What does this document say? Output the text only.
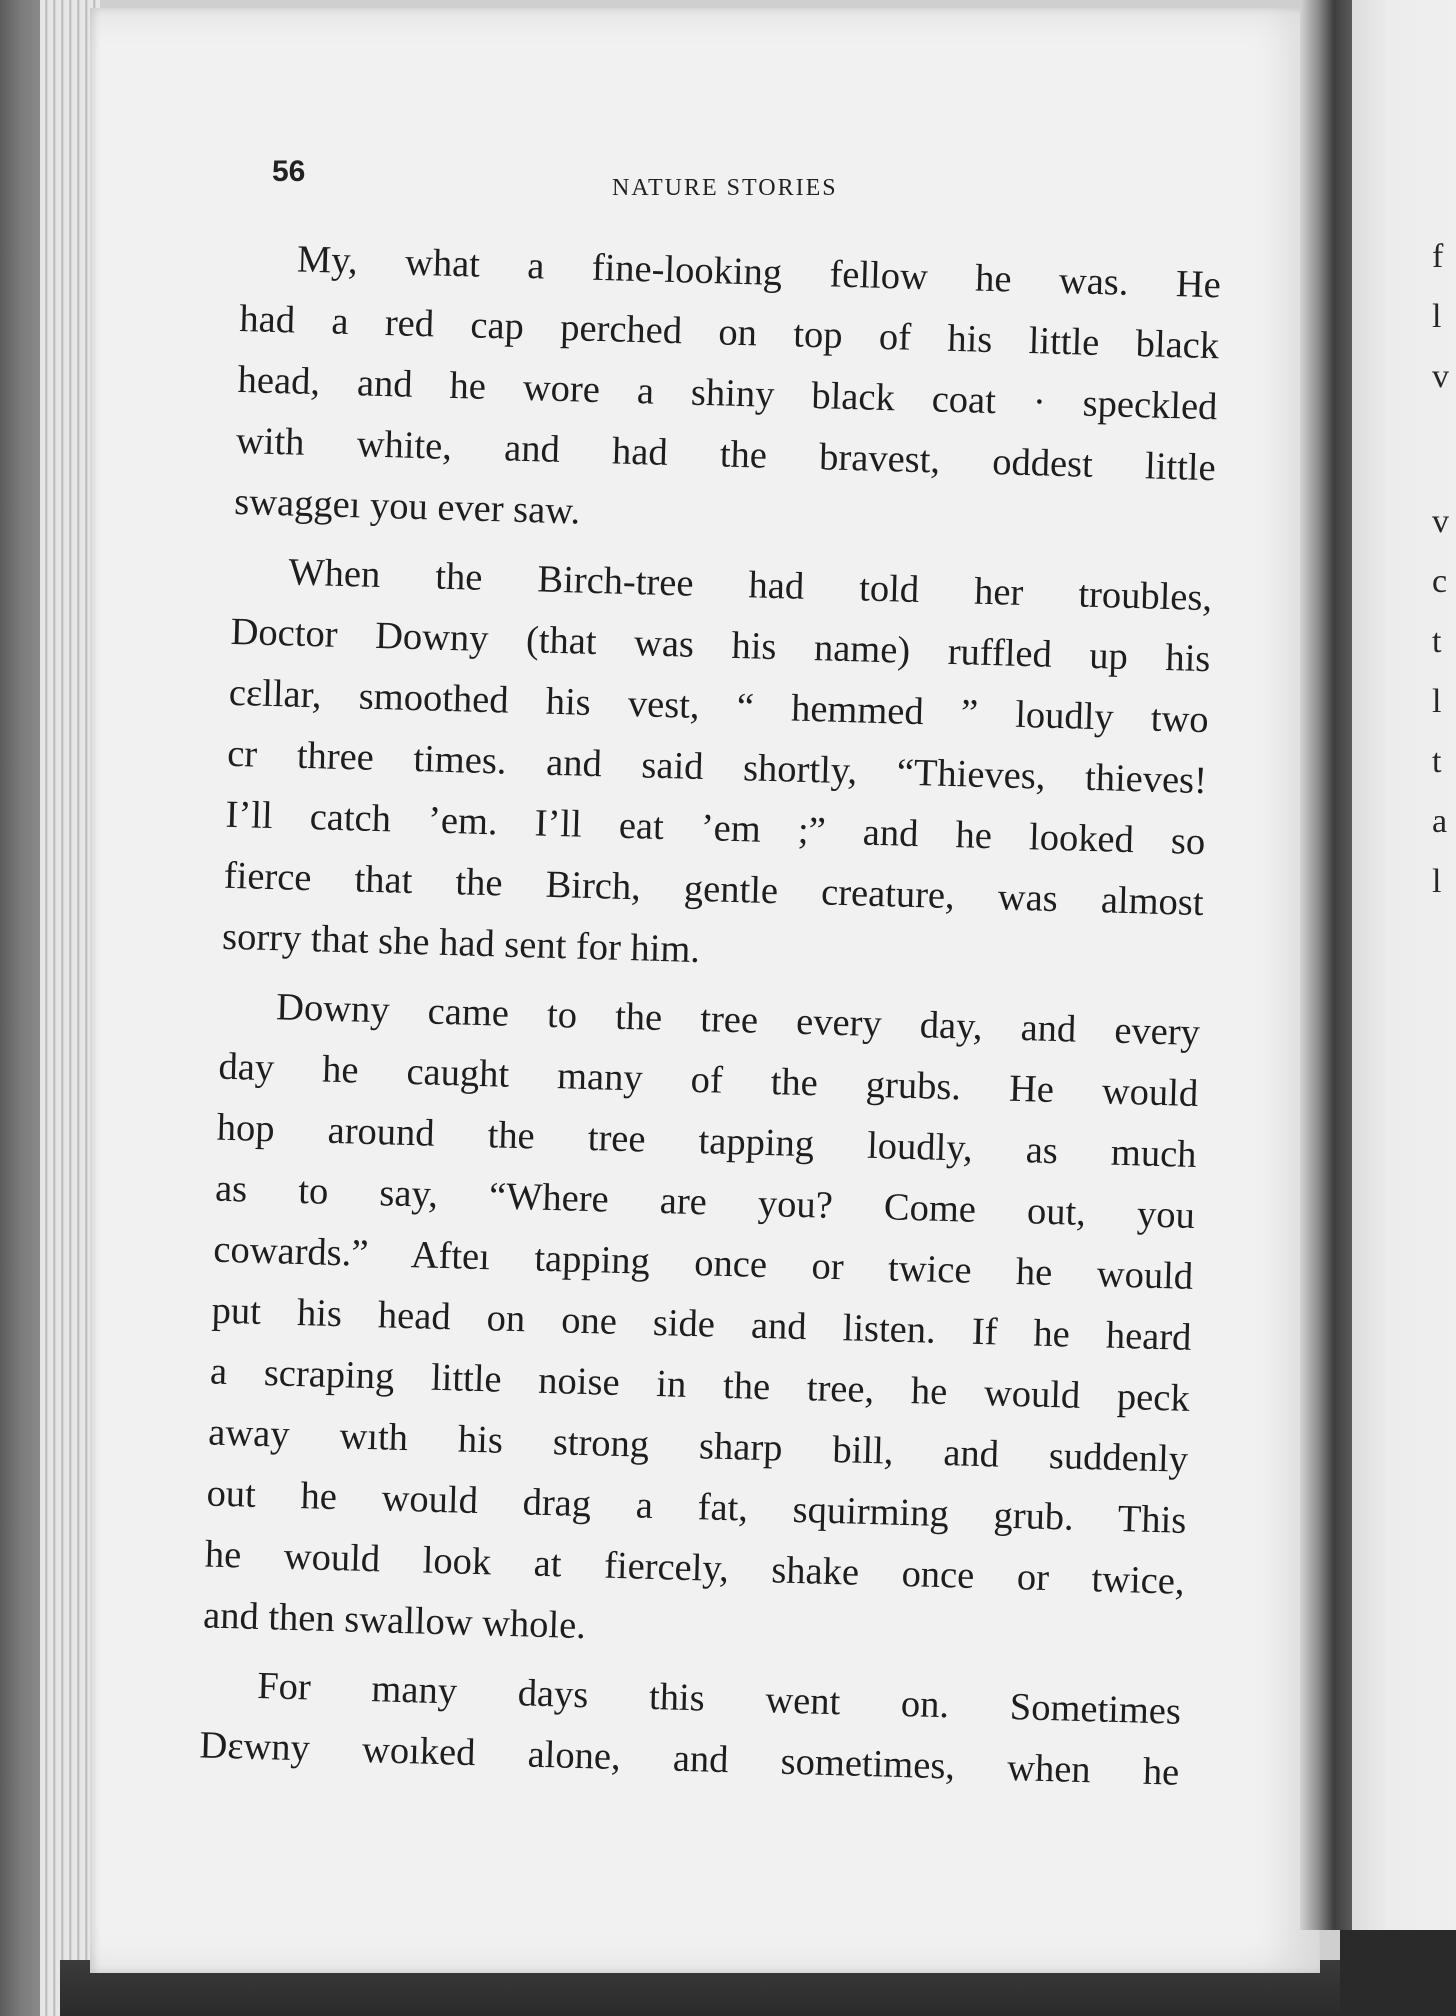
f
l
v
v
c
t
l
t
a
l
56	NATURE STORIES
My, what a fine-looking fellow he was. He
had a red cap perched on top of his little black
head, and he wore a shiny black coat · speckled
with white, and had the bravest, oddest little
swaggeı you ever saw.
When the Birch-tree had told her troubles,
Doctor Downy (that was his name) ruffled up his
cɛllar, smoothed his vest, “ hemmed ” loudly two
cr three times. and said shortly, “Thieves, thieves!
I’ll catch ’em. I’ll eat ’em ;” and he looked so
fierce that the Birch, gentle creature, was almost
sorry that she had sent for him.
Downy came to the tree every day, and every
day he caught many of the grubs. He would
hop around the tree tapping loudly, as much
as to say, “Where are you? Come out, you
cowards.” Afteı tapping once or twice he would
put his head on one side and listen. If he heard
a scraping little noise in the tree, he would peck
away wıth his strong sharp bill, and suddenly
out he would drag a fat, squirming grub. This
he would look at fiercely, shake once or twice,
and then swallow whole.
For many days this went on. Sometimes
Dɛwny woıked alone, and sometimes, when he
